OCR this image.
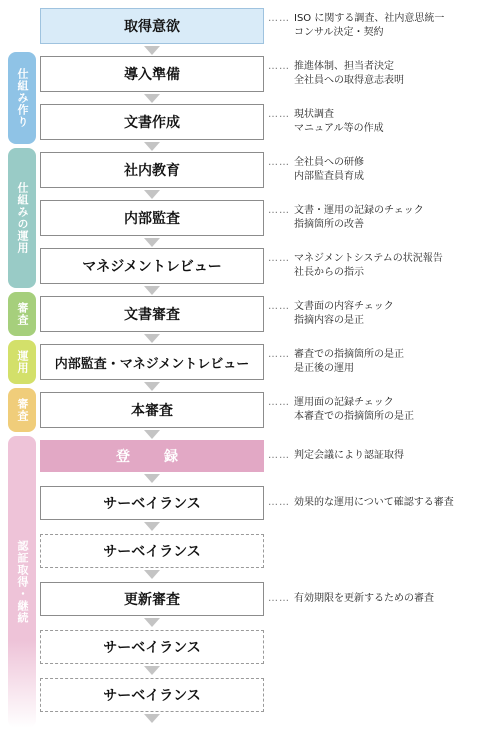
仕組み作り
仕組みの運用
審査
運用
審査
認証取得・継続
取得意欲
導入準備
文書作成
社内教育
内部監査
マネジメントレビュー
文書審査
内部監査・マネジメントレビュー
本審査
登　録
サーベイランス
サーベイランス
更新審査
サーベイランス
サーベイランス
…… ISO に関する調査、社内意思統一
コンサル決定・契約
…… 推進体制、担当者決定
全社員への取得意志表明
…… 現状調査
マニュアル等の作成
…… 全社員への研修
内部監査員育成
…… 文書・運用の記録のチェック
指摘箇所の改善
…… マネジメントシステムの状況報告
社長からの指示
…… 文書面の内容チェック
指摘内容の是正
…… 審査での指摘箇所の是正
是正後の運用
…… 運用面の記録チェック
本審査での指摘箇所の是正
…… 判定会議により認証取得
…… 効果的な運用について確認する審査
…… 有効期限を更新するための審査
